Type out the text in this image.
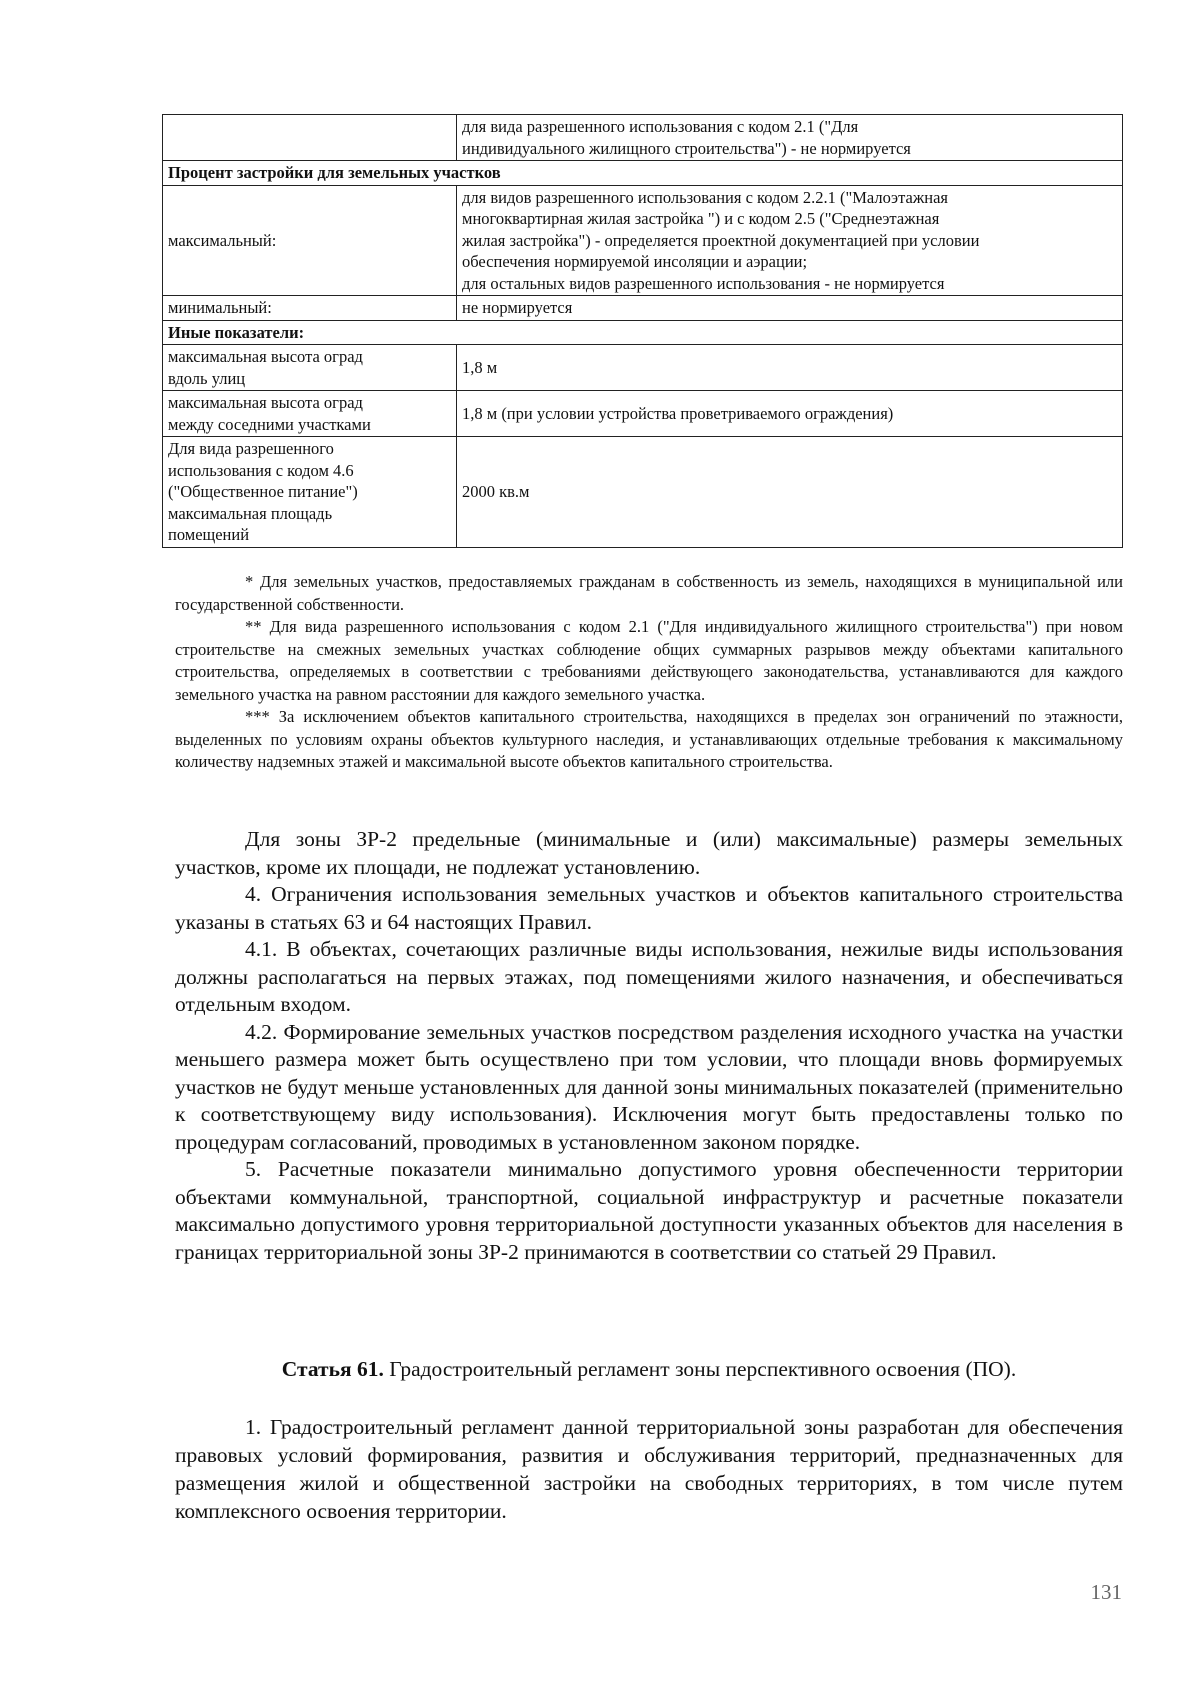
	для вида разрешенного использования с кодом 2.1 ("Для
индивидуального жилищного строительства") - не нормируется

Процент застройки для земельных участков	
максимальный:	для видов разрешенного использования с кодом 2.2.1 ("Малоэтажная
многоквартирная жилая застройка ") и с кодом 2.5 ("Среднеэтажная
жилая застройка") - определяется проектной документацией при условии
обеспечения нормируемой инсоляции и аэрации;
для остальных видов разрешенного использования - не нормируется

минимальный:	не нормируется
Иные показатели:	

максимальная высота оград
вдоль улиц	1,8 м

максимальная высота оград
между соседними участками	1,8 м (при условии устройства проветриваемого ограждения)

Для вида разрешенного
использования с кодом 4.6
("Общественное питание")
максимальная площадь
помещений	2000 кв.м

* Для земельных участков, предоставляемых гражданам в собственность из земель, находящихся в муниципальной или государственной собственности.

** Для вида разрешенного использования с кодом 2.1 ("Для индивидуального жилищного строительства") при новом строительстве на смежных земельных участках соблюдение общих суммарных разрывов между объектами капитального строительства, определяемых в соответствии с требованиями действующего законодательства, устанавливаются для каждого земельного участка на равном расстоянии для каждого земельного участка.

*** За исключением объектов капитального строительства, находящихся в пределах зон ограничений по этажности, выделенных по условиям охраны объектов культурного наследия, и устанавливающих отдельные требования к максимальному количеству надземных этажей и максимальной высоте объектов капитального строительства.

Для зоны ЗР-2 предельные (минимальные и (или) максимальные) размеры земельных участков, кроме их площади, не подлежат установлению.

4. Ограничения использования земельных участков и объектов капитального строительства указаны в статьях 63 и 64 настоящих Правил.

4.1. В объектах, сочетающих различные виды использования, нежилые виды использования должны располагаться на первых этажах, под помещениями жилого назначения, и обеспечиваться отдельным входом.

4.2. Формирование земельных участков посредством разделения исходного участка на участки меньшего размера может быть осуществлено при том условии, что площади вновь формируемых участков не будут меньше установленных для данной зоны минимальных показателей (применительно к соответствующему виду использования). Исключения могут быть предоставлены только по процедурам согласований, проводимых в установленном законом порядке.

5. Расчетные показатели минимально допустимого уровня обеспеченности территории объектами коммунальной, транспортной, социальной инфраструктур и расчетные показатели максимально допустимого уровня территориальной доступности указанных объектов для населения в границах территориальной зоны ЗР-2 принимаются в соответствии со статьей 29 Правил.

Статья 61. Градостроительный регламент зоны перспективного освоения (ПО).

1. Градостроительный регламент данной территориальной зоны разработан для обеспечения правовых условий формирования, развития и обслуживания территорий, предназначенных для размещения жилой и общественной застройки на свободных территориях, в том числе путем комплексного освоения территории.

131
